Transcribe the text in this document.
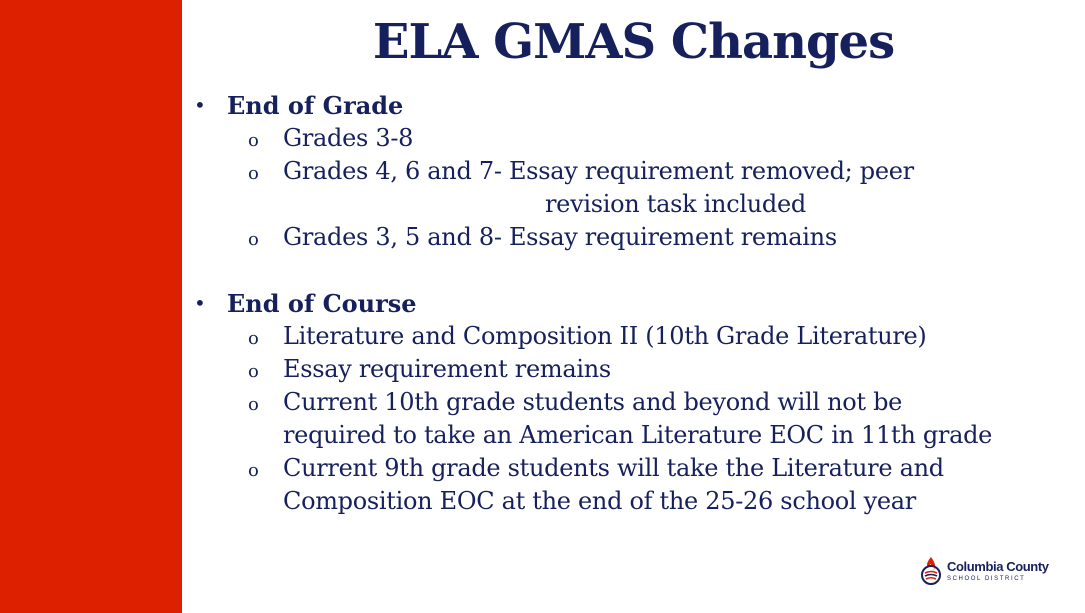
ELA GMAS Changes
• End of Grade
o Grades 3-8
o Grades 4, 6 and 7- Essay requirement removed; peer
revision task included
o Grades 3, 5 and 8- Essay requirement remains
• End of Course
o Literature and Composition II (10th Grade Literature)
o Essay requirement remains
o Current 10th grade students and beyond will not be
required to take an American Literature EOC in 11th grade
o Current 9th grade students will take the Literature and
Composition EOC at the end of the 25-26 school year
Columbia County
SCHOOL DISTRICT
